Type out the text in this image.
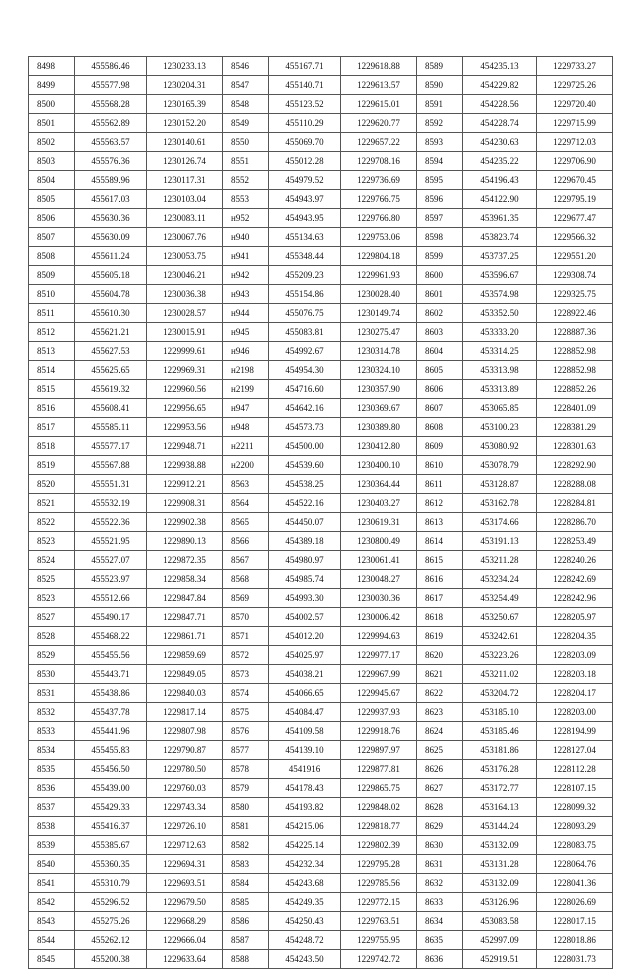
8498	455586.46	1230233.13
8499	455577.98	1230204.31
8500	455568.28	1230165.39
8501	455562.89	1230152.20
8502	455563.57	1230140.61
8503	455576.36	1230126.74
8504	455589.96	1230117.31
8505	455617.03	1230103.04
8506	455630.36	1230083.11
8507	455630.09	1230067.76
8508	455611.24	1230053.75
8509	455605.18	1230046.21
8510	455604.78	1230036.38
8511	455610.30	1230028.57
8512	455621.21	1230015.91
8513	455627.53	1229999.61
8514	455625.65	1229969.31
8515	455619.32	1229960.56
8516	455608.41	1229956.65
8517	455585.11	1229953.56
8518	455577.17	1229948.71
8519	455567.88	1229938.88
8520	455551.31	1229912.21
8521	455532.19	1229908.31
8522	455522.36	1229902.38
8523	455521.95	1229890.13
8524	455527.07	1229872.35
8525	455523.97	1229858.34
8523	455512.66	1229847.84
8527	455490.17	1229847.71
8528	455468.22	1229861.71
8529	455455.56	1229859.69
8530	455443.71	1229849.05
8531	455438.86	1229840.03
8532	455437.78	1229817.14
8533	455441.96	1229807.98
8534	455455.83	1229790.87
8535	455456.50	1229780.50
8536	455439.00	1229760.03
8537	455429.33	1229743.34
8538	455416.37	1229726.10
8539	455385.67	1229712.63
8540	455360.35	1229694.31
8541	455310.79	1229693.51
8542	455296.52	1229679.50
8543	455275.26	1229668.29
8544	455262.12	1229666.04
8545	455200.38	1229633.64
8546	455167.71	1229618.88
8547	455140.71	1229613.57
8548	455123.52	1229615.01
8549	455110.29	1229620.77
8550	455069.70	1229657.22
8551	455012.28	1229708.16
8552	454979.52	1229736.69
8553	454943.97	1229766.75
н952	454943.95	1229766.80
н940	455134.63	1229753.06
н941	455348.44	1229804.18
н942	455209.23	1229961.93
н943	455154.86	1230028.40
н944	455076.75	1230149.74
н945	455083.81	1230275.47
н946	454992.67	1230314.78
н2198	454954.30	1230324.10
н2199	454716.60	1230357.90
н947	454642.16	1230369.67
н948	454573.73	1230389.80
н2211	454500.00	1230412.80
н2200	454539.60	1230400.10
8563	454538.25	1230364.44
8564	454522.16	1230403.27
8565	454450.07	1230619.31
8566	454389.18	1230800.49
8567	454980.97	1230061.41
8568	454985.74	1230048.27
8569	454993.30	1230030.36
8570	454002.57	1230006.42
8571	454012.20	1229994.63
8572	454025.97	1229977.17
8573	454038.21	1229967.99
8574	454066.65	1229945.67
8575	454084.47	1229937.93
8576	454109.58	1229918.76
8577	454139.10	1229897.97
8578	4541916	1229877.81
8579	454178.43	1229865.75
8580	454193.82	1229848.02
8581	454215.06	1229818.77
8582	454225.14	1229802.39
8583	454232.34	1229795.28
8584	454243.68	1229785.56
8585	454249.35	1229772.15
8586	454250.43	1229763.51
8587	454248.72	1229755.95
8588	454243.50	1229742.72
8589	454235.13	1229733.27
8590	454229.82	1229725.26
8591	454228.56	1229720.40
8592	454228.74	1229715.99
8593	454230.63	1229712.03
8594	454235.22	1229706.90
8595	454196.43	1229670.45
8596	454122.90	1229795.19
8597	453961.35	1229677.47
8598	453823.74	1229566.32
8599	453737.25	1229551.20
8600	453596.67	1229308.74
8601	453574.98	1229325.75
8602	453352.50	1228922.46
8603	453333.20	1228887.36
8604	453314.25	1228852.98
8605	453313.98	1228852.98
8606	453313.89	1228852.26
8607	453065.85	1228401.09
8608	453100.23	1228381.29
8609	453080.92	1228301.63
8610	453078.79	1228292.90
8611	453128.87	1228288.08
8612	453162.78	1228284.81
8613	453174.66	1228286.70
8614	453191.13	1228253.49
8615	453211.28	1228240.26
8616	453234.24	1228242.69
8617	453254.49	1228242.96
8618	453250.67	1228205.97
8619	453242.61	1228204.35
8620	453223.26	1228203.09
8621	453211.02	1228203.18
8622	453204.72	1228204.17
8623	453185.10	1228203.00
8624	453185.46	1228194.99
8625	453181.86	1228127.04
8626	453176.28	1228112.28
8627	453172.77	1228107.15
8628	453164.13	1228099.32
8629	453144.24	1228093.29
8630	453132.09	1228083.75
8631	453131.28	1228064.76
8632	453132.09	1228041.36
8633	453126.96	1228026.69
8634	453083.58	1228017.15
8635	452997.09	1228018.86
8636	452919.51	1228031.73
